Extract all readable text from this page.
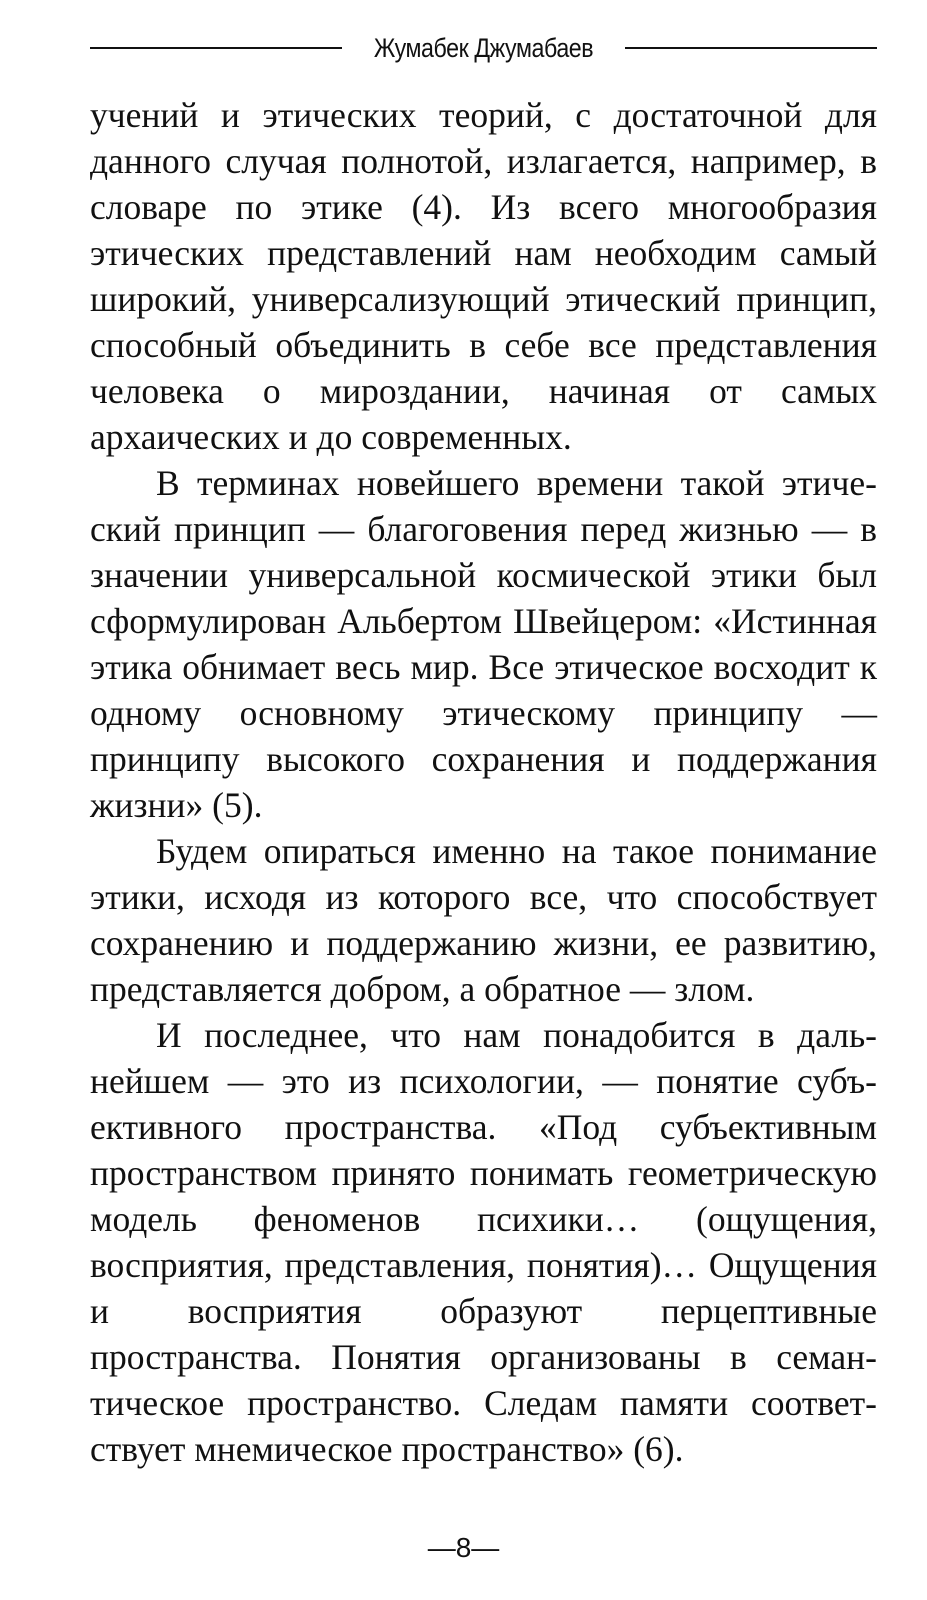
Жумабек Джумабаев

учений и этических теорий, с достаточной для данного случая полнотой, излагается, например, в словаре по этике (4). Из всего многообразия этических представлений нам необходим самый широкий, универсализующий этический принцип, способный объединить в себе все представления человека о мироздании, начиная от самых архаических и до современных.

В терминах новейшего времени такой этический принцип — благоговения перед жизнью — в значении универсальной космической этики был сформулирован Альбертом Швейцером: «Истинная этика обнимает весь мир. Все этическое восходит к одному основному этическому принципу — принципу высокого сохранения и поддержания жизни» (5).

Будем опираться именно на такое понимание этики, исходя из которого все, что способствует сохранению и поддержанию жизни, ее развитию, представляется добром, а обратное — злом.

И последнее, что нам понадобится в дальнейшем — это из психологии, — понятие субъективного пространства. «Под субъективным пространством принято понимать геометрическую модель феноменов психики… (ощущения, восприятия, представления, понятия)… Ощущения и восприятия образуют перцептивные пространства. Понятия организованы в семантическое пространство. Следам памяти соответствует мнемическое пространство» (6).

—8—
